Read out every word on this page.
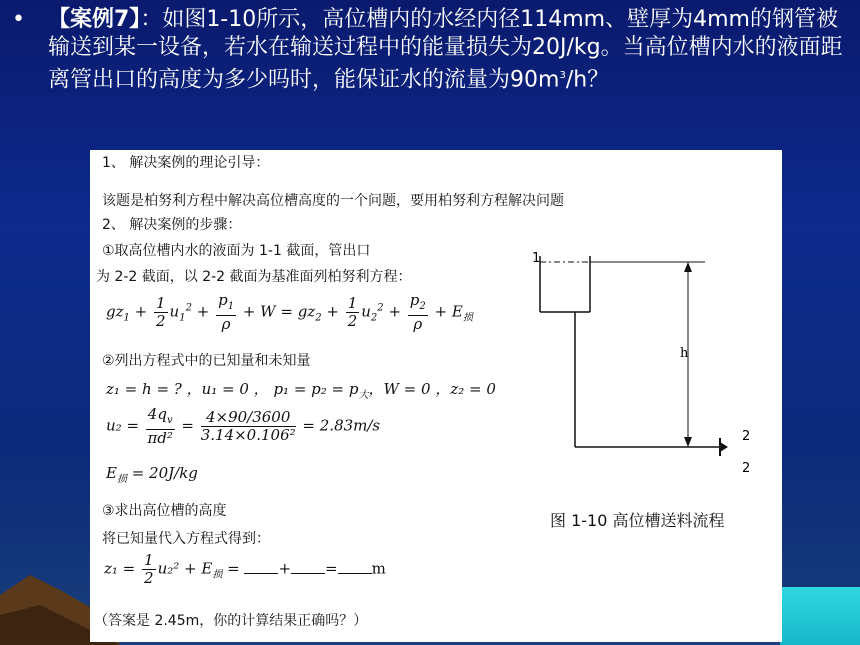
• 【案例7】：如图1-10所示，高位槽内的水经内径114mm、壁厚为4mm的钢管被输送到某一设备，若水在输送过程中的能量损失为20J/kg。当高位槽内水的液面距离管出口的高度为多少吗时，能保证水的流量为$90m^3/h$？
1、 解决案例的理论引导：
该题是柏努利方程中解决高位槽高度的一个问题，要用柏努利方程解决问题
2、 解决案例的步骤：
①取高位槽内水的液面为 1-1 截面，管出口
为 2-2 截面，以 2-2 截面为基准面列柏努利方程：
$gz_1 + \frac{1}{2} u_1^2 + \frac{p_1}{\rho} + W = gz_2 + \frac{1}{2} u_2^2 + \frac{p_2}{\rho} + E_损$
②列出方程式中的已知量和未知量
z₁ = h = ? ，u₁ = 0 ， $p_1 = p_2 = p_大$，W = 0 ，z₂ = 0
$u_2 = \frac{4q_v}{\text{πd²}} = \frac{4\times 90/3600}{\text{3.14×0.106²}} = 2.83m/s$
$E_损 = 20J/kg$
③求出高位槽的高度
将已知量代入方程式得到：
$z_1 = \frac{1}{2} u_2^2 + E_损$ =	+ = m
（答案是 2.45m，你的计算结果正确吗？）
1
h
2
2
图 1-10 高位槽送料流程
